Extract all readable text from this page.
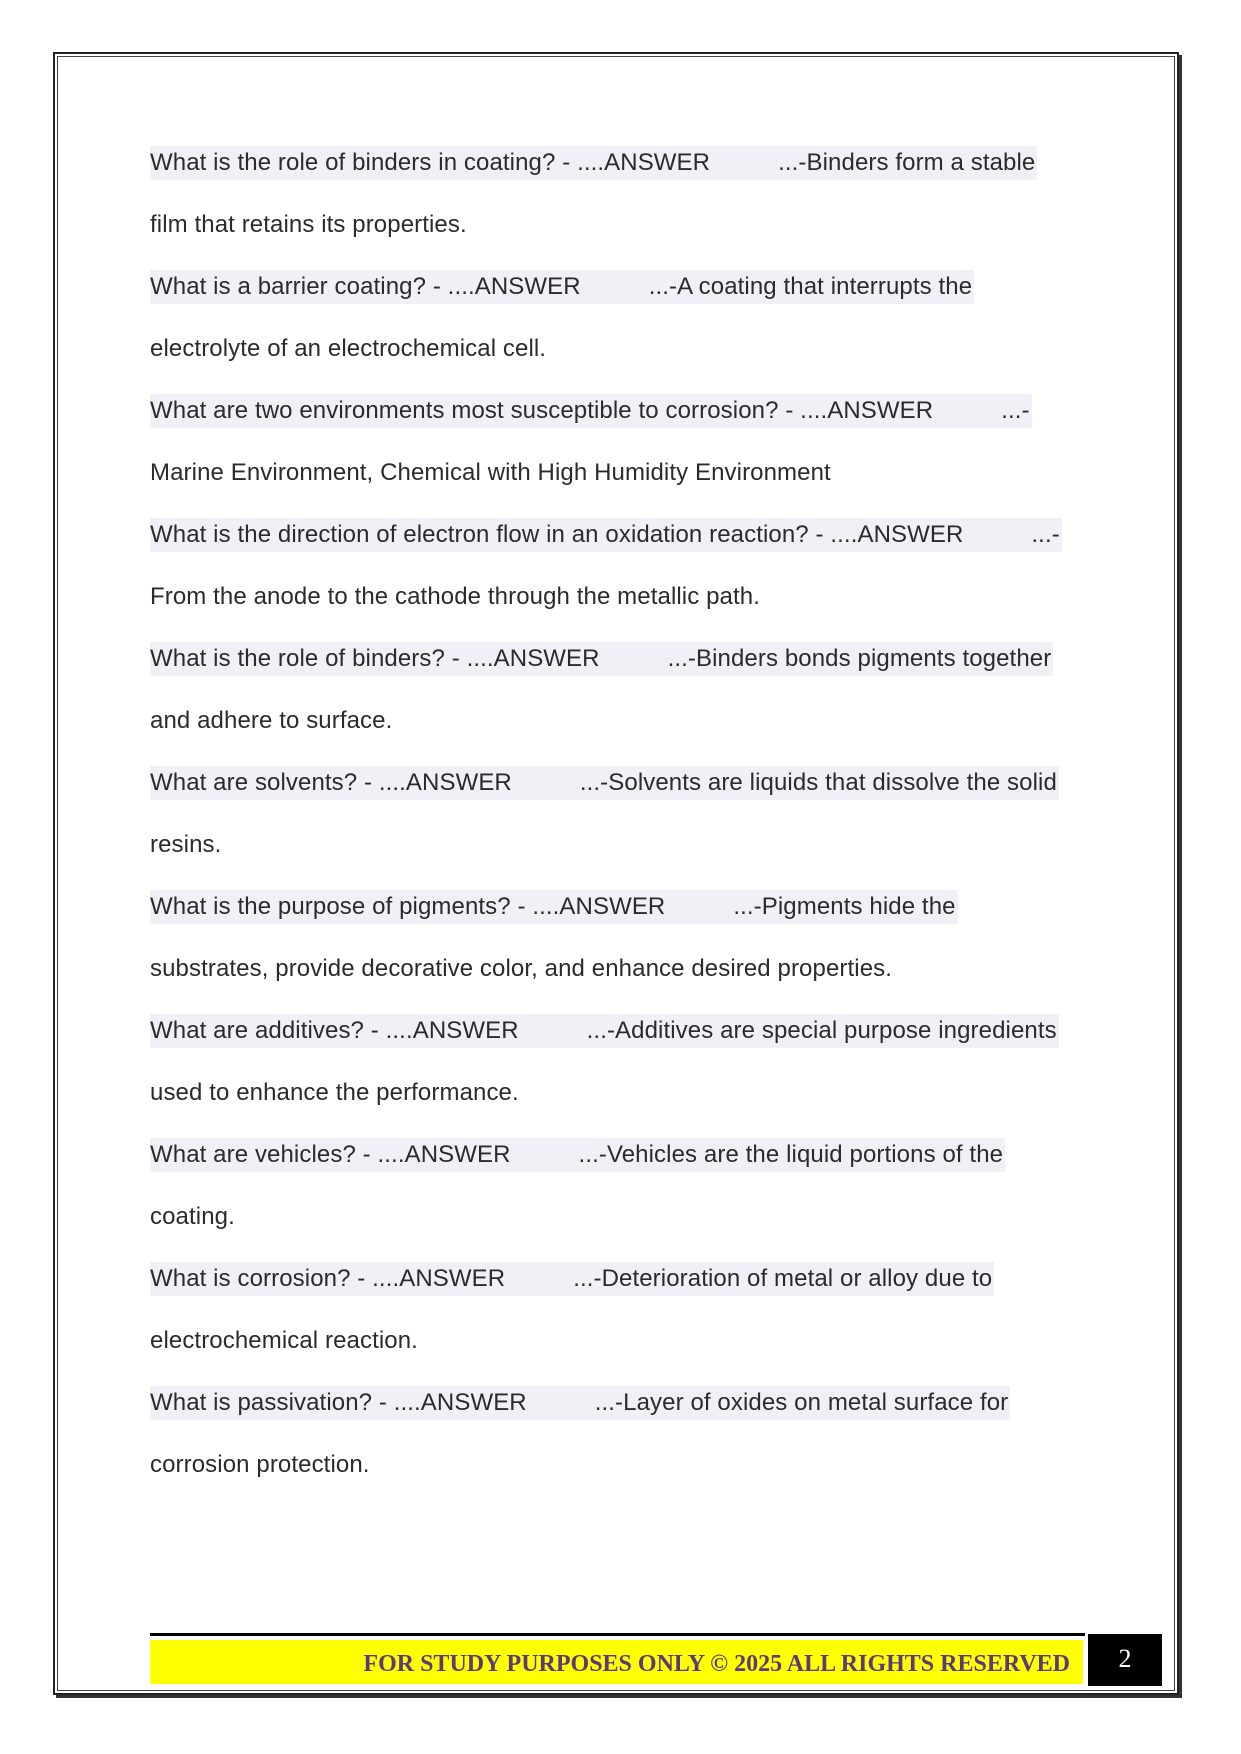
What is the role of binders in coating? - ....ANSWER	...-Binders form a stable
film that retains its properties.
What is a barrier coating? - ....ANSWER	...-A coating that interrupts the
electrolyte of an electrochemical cell.
What are two environments most susceptible to corrosion? - ....ANSWER	...-
Marine Environment, Chemical with High Humidity Environment
What is the direction of electron flow in an oxidation reaction? - ....ANSWER	...-
From the anode to the cathode through the metallic path.
What is the role of binders? - ....ANSWER	...-Binders bonds pigments together
and adhere to surface.
What are solvents? - ....ANSWER	...-Solvents are liquids that dissolve the solid
resins.
What is the purpose of pigments? - ....ANSWER	...-Pigments hide the
substrates, provide decorative color, and enhance desired properties.
What are additives? - ....ANSWER	...-Additives are special purpose ingredients
used to enhance the performance.
What are vehicles? - ....ANSWER	...-Vehicles are the liquid portions of the
coating.
What is corrosion? - ....ANSWER	...-Deterioration of metal or alloy due to
electrochemical reaction.
What is passivation? - ....ANSWER	...-Layer of oxides on metal surface for
corrosion protection.
FOR STUDY PURPOSES ONLY © 2025 ALL RIGHTS RESERVED	2
